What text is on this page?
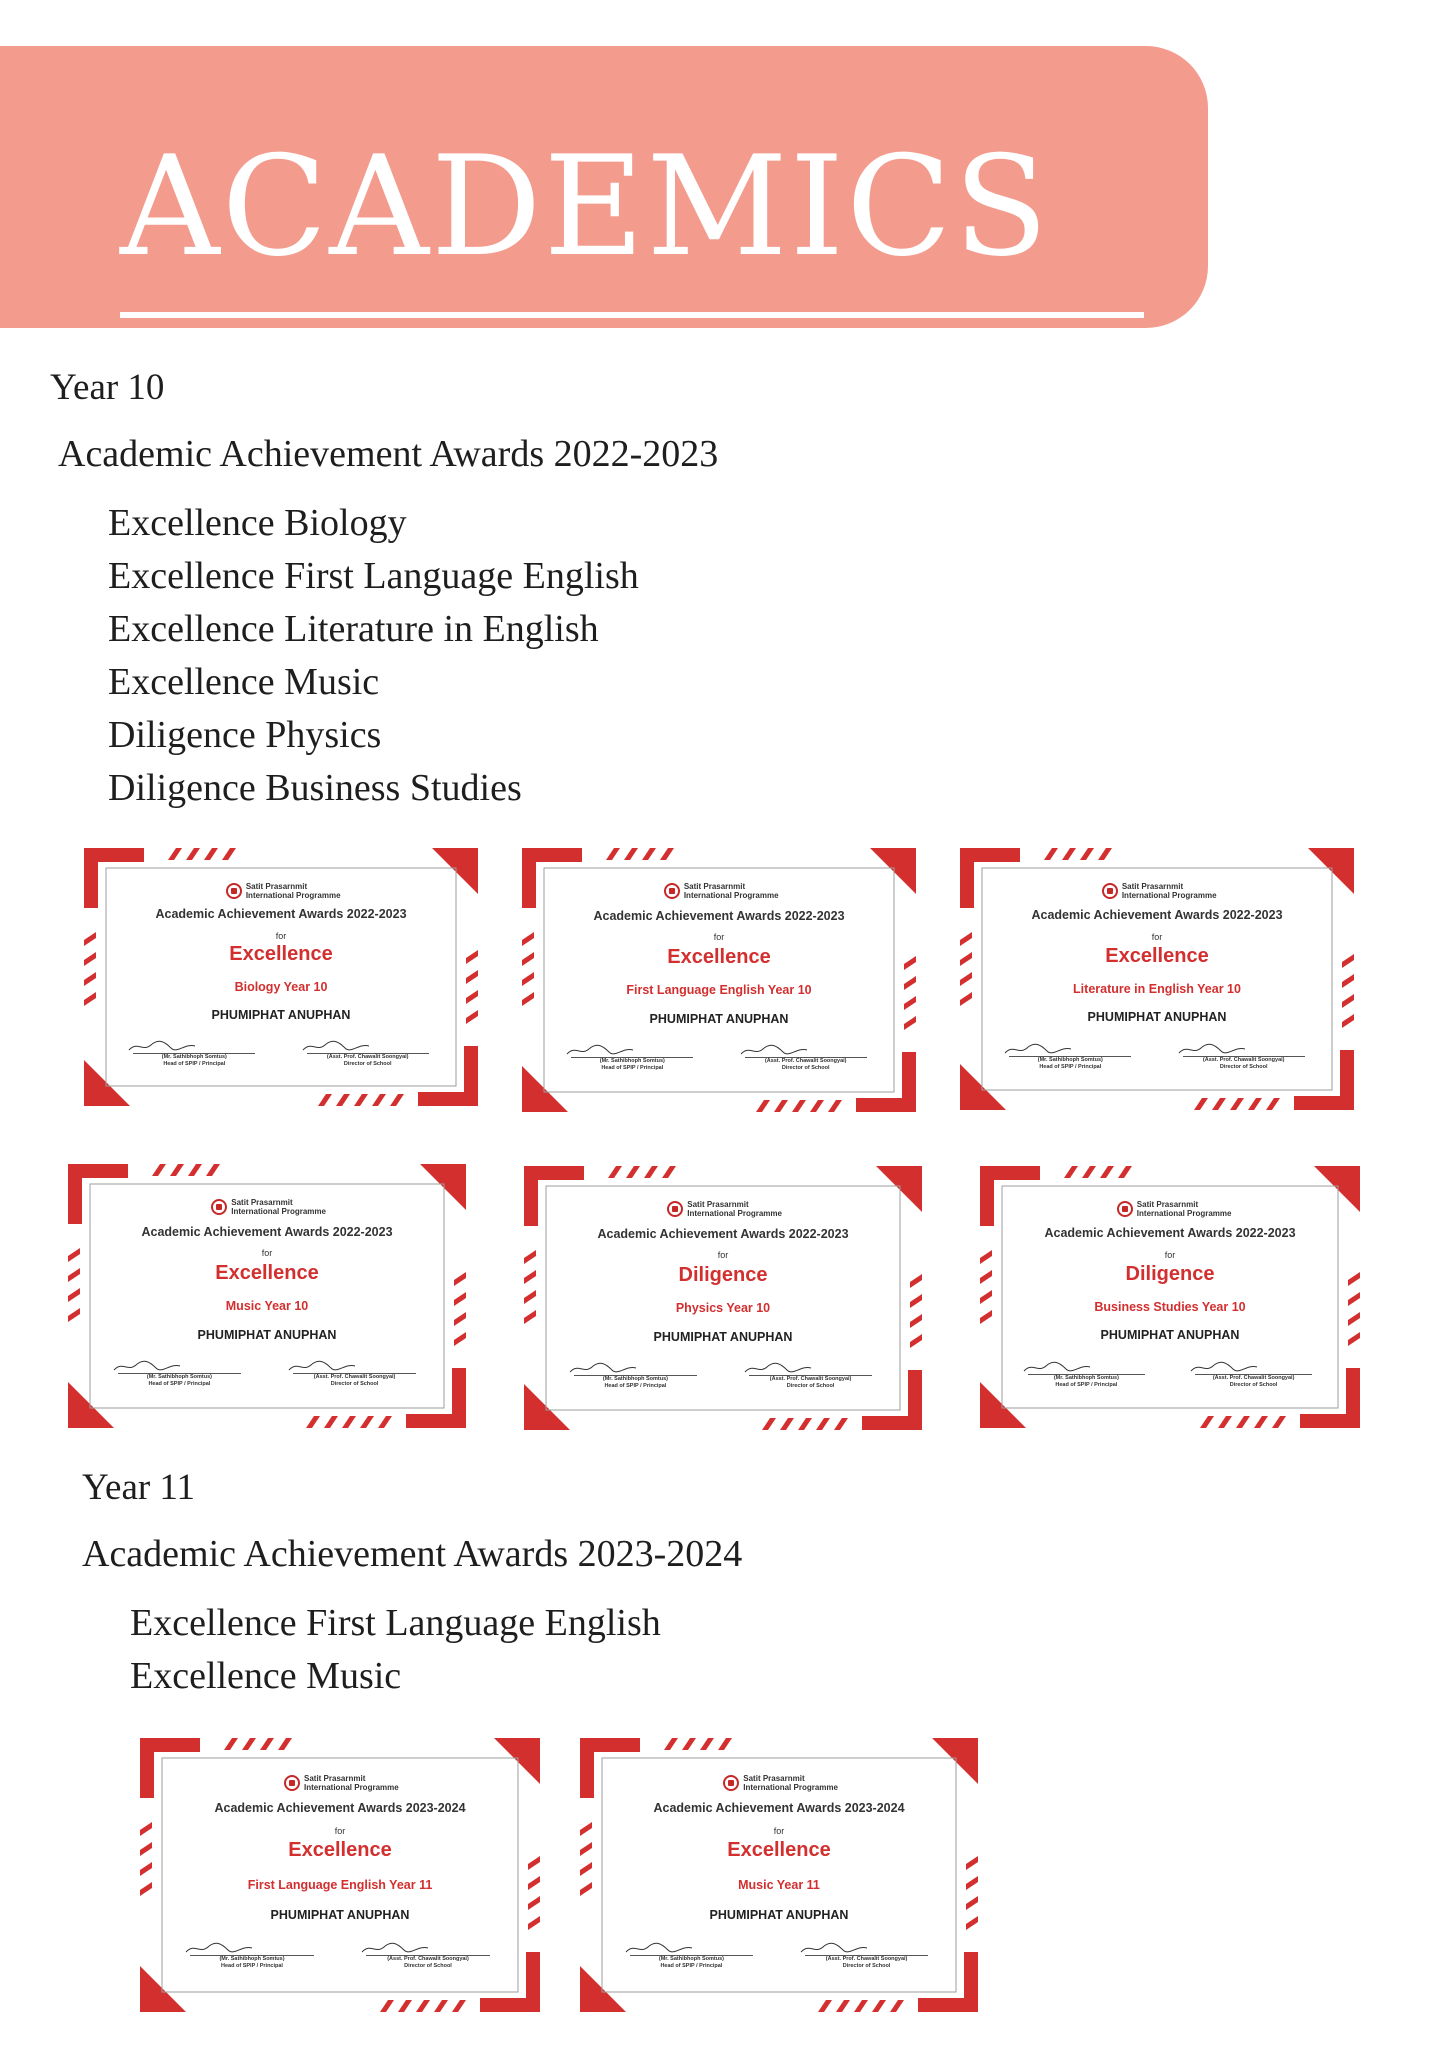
ACADEMICS

Year 10

Academic Achievement Awards 2022-2023

Excellence Biology
Excellence First Language English
Excellence Literature in English
Excellence Music
Diligence Physics
Diligence Business Studies

Year 11

Academic Achievement Awards 2023-2024

Excellence First Language English
Excellence Music
Satit Prasarnmit
International Programme
Academic Achievement Awards 2022-2023
for
Excellence
Biology Year 10
PHUMIPHAT ANUPHAN
(Mr. Sathibhoph Somtus)
Head of SPIP / Principal
(Asst. Prof. Chawalit Soongyai)
Director of School
Satit Prasarnmit
International Programme
Academic Achievement Awards 2022-2023
for
Excellence
First Language English Year 10
PHUMIPHAT ANUPHAN
(Mr. Sathibhoph Somtus)
Head of SPIP / Principal
(Asst. Prof. Chawalit Soongyai)
Director of School
Satit Prasarnmit
International Programme
Academic Achievement Awards 2022-2023
for
Excellence
Literature in English Year 10
PHUMIPHAT ANUPHAN
(Mr. Sathibhoph Somtus)
Head of SPIP / Principal
(Asst. Prof. Chawalit Soongyai)
Director of School
Satit Prasarnmit
International Programme
Academic Achievement Awards 2022-2023
for
Excellence
Music Year 10
PHUMIPHAT ANUPHAN
(Mr. Sathibhoph Somtus)
Head of SPIP / Principal
(Asst. Prof. Chawalit Soongyai)
Director of School
Satit Prasarnmit
International Programme
Academic Achievement Awards 2022-2023
for
Diligence
Physics Year 10
PHUMIPHAT ANUPHAN
(Mr. Sathibhoph Somtus)
Head of SPIP / Principal
(Asst. Prof. Chawalit Soongyai)
Director of School
Satit Prasarnmit
International Programme
Academic Achievement Awards 2022-2023
for
Diligence
Business Studies Year 10
PHUMIPHAT ANUPHAN
(Mr. Sathibhoph Somtus)
Head of SPIP / Principal
(Asst. Prof. Chawalit Soongyai)
Director of School
Satit Prasarnmit
International Programme
Academic Achievement Awards 2023-2024
for
Excellence
First Language English Year 11
PHUMIPHAT ANUPHAN
(Mr. Sathibhoph Somtus)
Head of SPIP / Principal
(Asst. Prof. Chawalit Soongyai)
Director of School
Satit Prasarnmit
International Programme
Academic Achievement Awards 2023-2024
for
Excellence
Music Year 11
PHUMIPHAT ANUPHAN
(Mr. Sathibhoph Somtus)
Head of SPIP / Principal
(Asst. Prof. Chawalit Soongyai)
Director of School
